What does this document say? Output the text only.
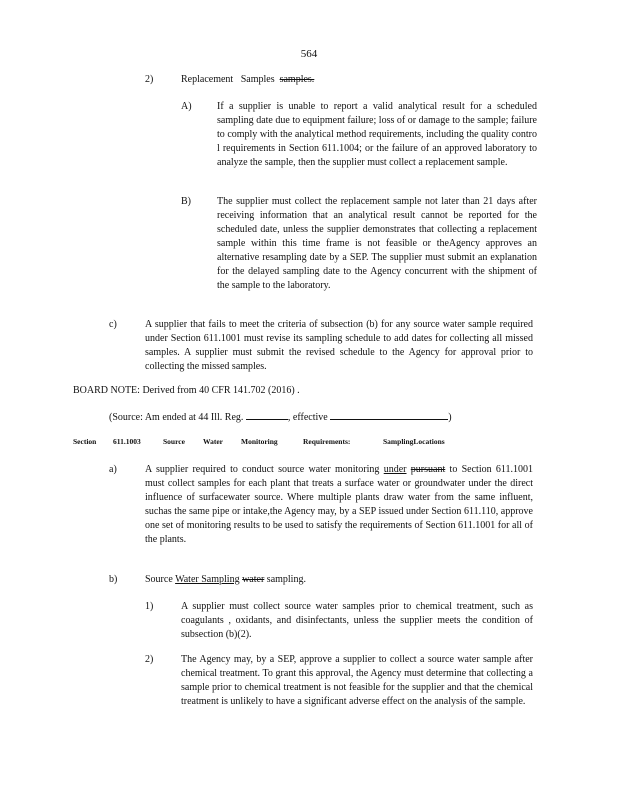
564
2)	Replacement   Samples samples.
A)	If a supplier is unable to report a valid analytical result for a scheduled sampling date due to equipment failure; loss of or damage to the sample; failure to comply with the analytical method requirements, including the quality contro l requirements in Section 611.1004; or the failure of an approved laboratory to analyze the sample, then the supplier must collect a replacement sample.
B)	The supplier must collect the replacement sample not later than 21 days after receiving information that an analytical result cannot be reported for the scheduled date, unless the supplier demonstrates that collecting a replacement sample within this time frame is not feasible or theAgency approves an alternative resampling date by a SEP. The supplier must submit an explanation for the delayed sampling date to the Agency concurrent with the shipment of the sample to the laboratory.
c)	A supplier that fails to meet the criteria of subsection (b) for any source water sample required under Section 611.1001 must revise its sampling schedule to add dates for collecting all missed samples. A supplier must submit the revised schedule to the Agency for approval prior to collecting the missed samples.
BOARD NOTE: Derived from 40 CFR 141.702 (2016) .
(Source: Am ended at 44 Ill. Reg.	, effective	)
Section 611.1003	Source Water Monitoring	Requirements:	SamplingLocations
a)	A supplier required to conduct source water monitoring under pursuant to Section 611.1001 must collect samples for each plant that treats a surface water or groundwater under the direct influence of surfacewater source. Where multiple plants draw water from the same influent, suchas the same pipe or intake,the Agency may, by a SEP issued under Section 611.110, approve one set of monitoring results to be used to satisfy the requirements of Section 611.1001 for all of the plants.
b)	Source Water Sampling water sampling.
1)	A supplier must collect source water samples prior to chemical treatment, such as coagulants , oxidants, and disinfectants, unless the supplier meets the condition of subsection (b)(2).
2)	The Agency may, by a SEP, approve a supplier to collect a source water sample after chemical treatment. To grant this approval, the Agency must determine that collecting a sample prior to chemical treatment is not feasible for the supplier and that the chemical treatment is unlikely to have a significant adverse effect on the analysis of the sample.
